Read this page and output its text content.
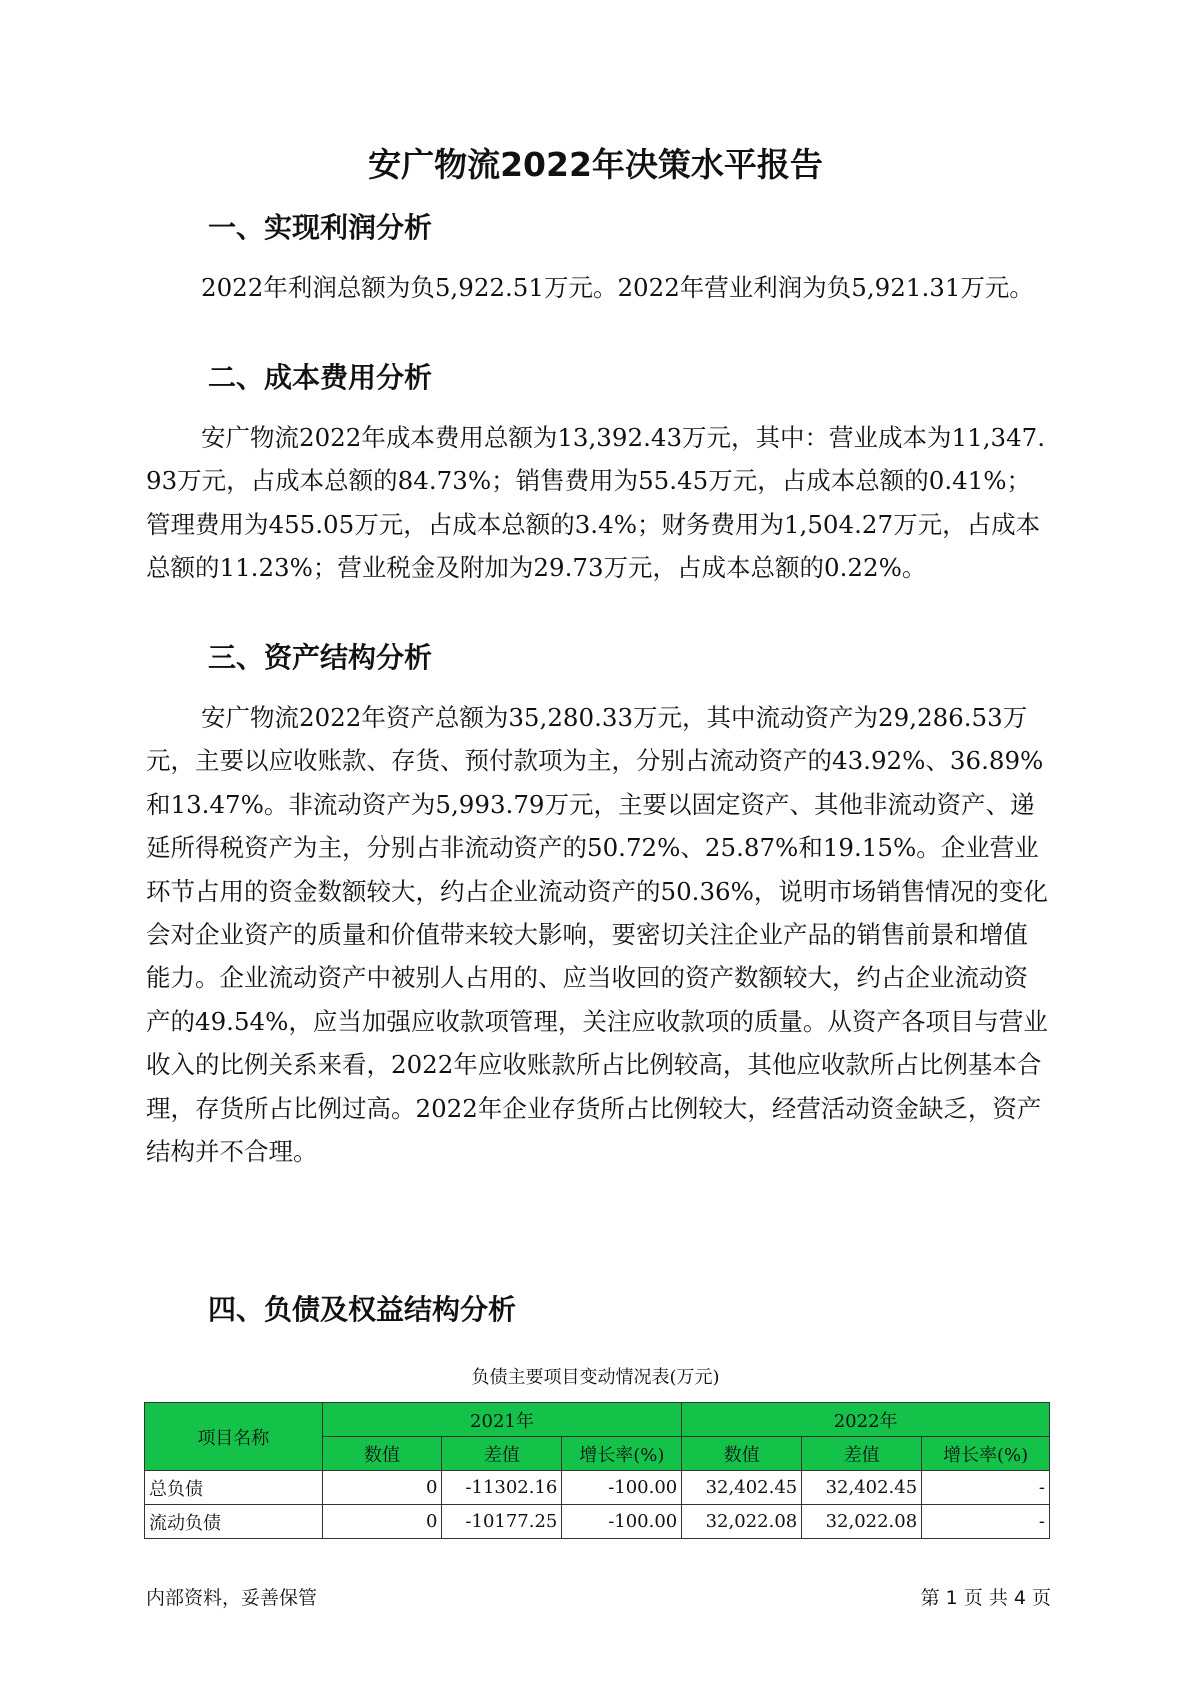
安广物流2022年决策水平报告
一、实现利润分析

2022年利润总额为负5,922.51万元。2022年营业利润为负5,921.31万元。

二、成本费用分析

安广物流2022年成本费用总额为13,392.43万元，其中：营业成本为11,347.93万元，占成本总额的84.73%；销售费用为55.45万元，占成本总额的0.41%；管理费用为455.05万元，占成本总额的3.4%；财务费用为1,504.27万元，占成本总额的11.23%；营业税金及附加为29.73万元，占成本总额的0.22%。

三、资产结构分析

安广物流2022年资产总额为35,280.33万元，其中流动资产为29,286.53万元，主要以应收账款、存货、预付款项为主，分别占流动资产的43.92%、36.89%和13.47%。非流动资产为5,993.79万元，主要以固定资产、其他非流动资产、递延所得税资产为主，分别占非流动资产的50.72%、25.87%和19.15%。企业营业环节占用的资金数额较大，约占企业流动资产的50.36%，说明市场销售情况的变化会对企业资产的质量和价值带来较大影响，要密切关注企业产品的销售前景和增值能力。企业流动资产中被别人占用的、应当收回的资产数额较大，约占企业流动资产的49.54%，应当加强应收款项管理，关注应收款项的质量。从资产各项目与营业收入的比例关系来看，2022年应收账款所占比例较高，其他应收款所占比例基本合理，存货所占比例过高。2022年企业存货所占比例较大，经营活动资金缺乏，资产结构并不合理。

四、负债及权益结构分析
负债主要项目变动情况表(万元)
项目名称	2021年			2022年		
	数值	差值	增长率(%)	数值	差值	增长率(%)
总负债	0	-11302.16	-100.00	32,402.45	32,402.45	-
流动负债	0	-10177.25	-100.00	32,022.08	32,022.08	-
内部资料，妥善保管	第 1 页 共 4 页
